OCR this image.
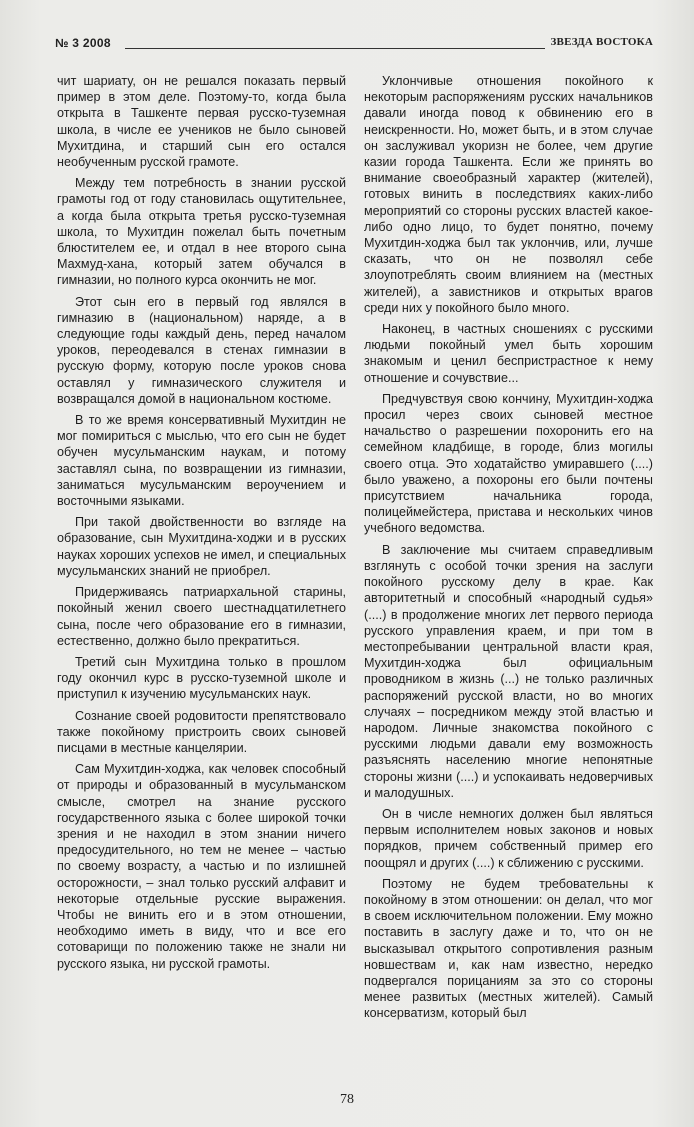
№ 3 2008	ЗВЕЗДА ВОСТОКА

чит шариату, он не решался показать первый пример в этом деле. Поэтому-то, когда была открыта в Ташкенте первая русско-туземная школа, в числе ее учеников не было сыновей Мухитдина, и старший сын его остался необученным русской грамоте.

Между тем потребность в знании русской грамоты год от году становилась ощутительнее, а когда была открыта третья русско-туземная школа, то Мухитдин пожелал быть почетным блюстителем ее, и отдал в нее второго сына Махмуд-хана, который затем обучался в гимназии, но полного курса окончить не мог.

Этот сын его в первый год являлся в гимназию в (национальном) наряде, а в следующие годы каждый день, перед началом уроков, переодевался в стенах гимназии в русскую форму, которую после уроков снова оставлял у гимназического служителя и возвращался домой в национальном костюме.

В то же время консервативный Мухитдин не мог помириться с мыслью, что его сын не будет обучен мусульманским наукам, и потому заставлял сына, по возвращении из гимназии, заниматься мусульманским вероучением и восточными языками.

При такой двойственности во взгляде на образование, сын Мухитдина-ходжи и в русских науках хороших успехов не имел, и специальных мусульманских знаний не приобрел.

Придерживаясь патриархальной старины, покойный женил своего шестнадцатилетнего сына, после чего образование его в гимназии, естественно, должно было прекратиться.

Третий сын Мухитдина только в прошлом году окончил курс в русско-туземной школе и приступил к изучению мусульманских наук.

Сознание своей родовитости препятствовало также покойному пристроить своих сыновей писцами в местные канцелярии.

Сам Мухитдин-ходжа, как человек способный от природы и образованный в мусульманском смысле, смотрел на знание русского государственного языка с более широкой точки зрения и не находил в этом знании ничего предосудительного, но тем не менее – частью по своему возрасту, а частью и по излишней осторожности, – знал только русский алфавит и некоторые отдельные русские выражения. Чтобы не винить его и в этом отношении, необходимо иметь в виду, что и все его сотоварищи по положению также не знали ни русского языка, ни русской грамоты.

Уклончивые отношения покойного к некоторым распоряжениям русских начальников давали иногда повод к обвинению его в неискренности. Но, может быть, и в этом случае он заслуживал укоризн не более, чем другие казии города Ташкента. Если же принять во внимание своеобразный характер (жителей), готовых винить в последствиях каких-либо мероприятий со стороны русских властей какое-либо одно лицо, то будет понятно, почему Мухитдин-ходжа был так уклончив, или, лучше сказать, что он не позволял себе злоупотреблять своим влиянием на (местных жителей), а завистников и открытых врагов среди них у покойного было много.

Наконец, в частных сношениях с русскими людьми покойный умел быть хорошим знакомым и ценил беспристрастное к нему отношение и сочувствие...

Предчувствуя свою кончину, Мухитдин-ходжа просил через своих сыновей местное начальство о разрешении похоронить его на семейном кладбище, в городе, близ могилы своего отца. Это ходатайство умиравшего (....) было уважено, а похороны его были почтены присутствием начальника города, полицеймейстера, пристава и нескольких чинов учебного ведомства.

В заключение мы считаем справедливым взглянуть с особой точки зрения на заслуги покойного русскому делу в крае. Как авторитетный и способный «народный судья» (....) в продолжение многих лет первого периода русского управления краем, и при том в местопребывании центральной власти края, Мухитдин-ходжа был официальным проводником в жизнь (...) не только различных распоряжений русской власти, но во многих случаях – посредником между этой властью и народом. Личные знакомства покойного с русскими людьми давали ему возможность разъяснять населению многие непонятные стороны жизни (....) и успокаивать недоверчивых и малодушных.

Он в числе немногих должен был являться первым исполнителем новых законов и новых порядков, причем собственный пример его поощрял и других (....) к сближению с русскими.

Поэтому не будем требовательны к покойному в этом отношении: он делал, что мог в своем исключительном положении. Ему можно поставить в заслугу даже и то, что он не высказывал открытого сопротивления разным новшествам и, как нам известно, нередко подвергался порицаниям за это со стороны менее развитых (местных жителей). Самый консерватизм, который был

78
